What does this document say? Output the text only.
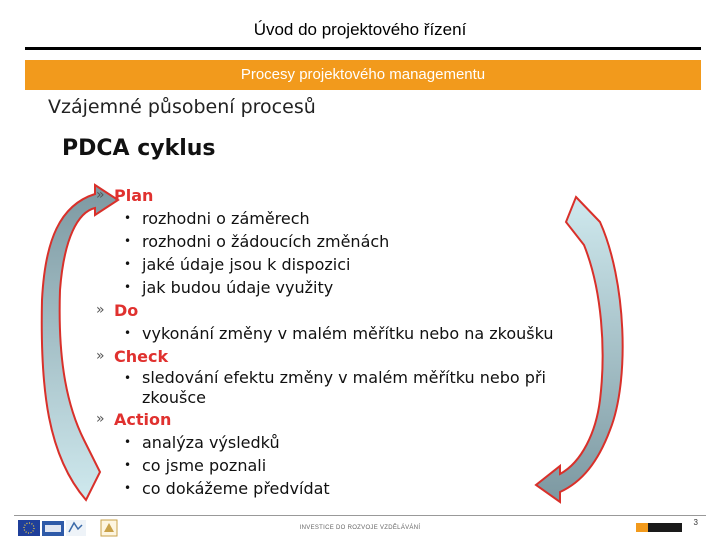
Úvod do projektového řízení
Procesy projektového managementu
Vzájemné působení procesů
PDCA cyklus
» Plan
• rozhodni o záměrech
• rozhodni o žádoucích změnách
• jaké údaje jsou k dispozici
• jak budou údaje využity
» Do
• vykonání změny v malém měřítku nebo na zkoušku
» Check
• sledování efektu změny v malém měřítku nebo při zkoušce
» Action
• analýza výsledků
• co jsme poznali
• co dokážeme předvídat
INVESTICE DO ROZVOJE VZDĚLÁVÁNÍ
3
